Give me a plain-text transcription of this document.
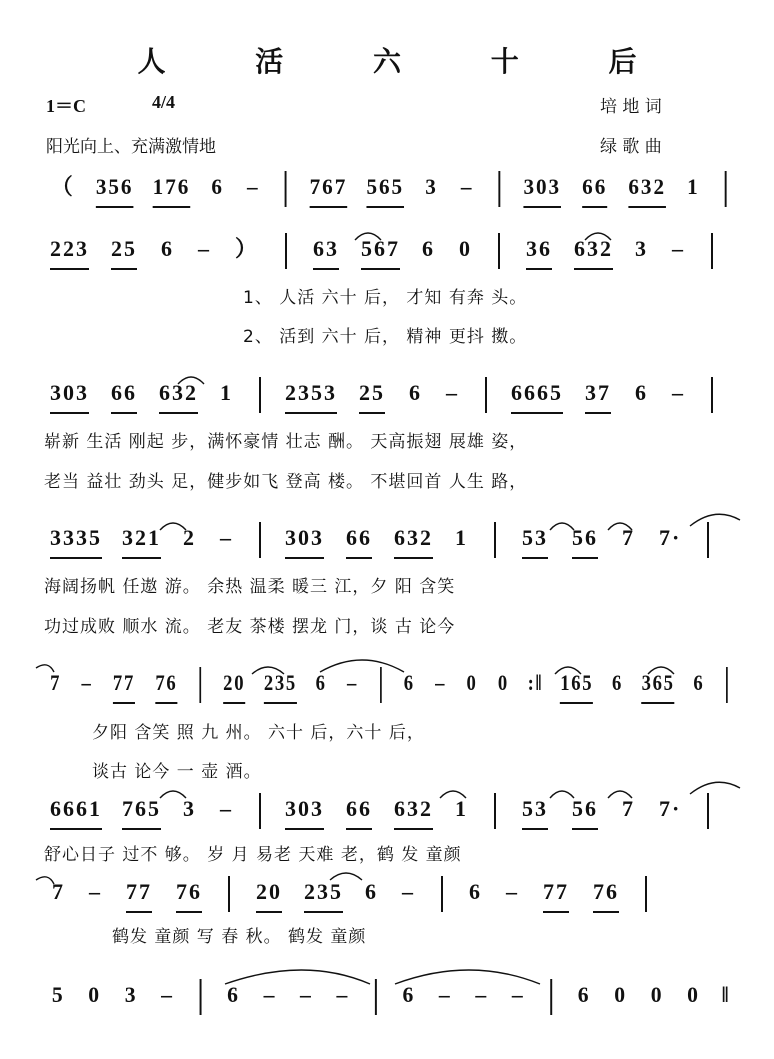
人 活 六 十 后
1＝C	4/4	培 地 词
阳光向上、充满激情地	绿 歌 曲
（ 356 176 6 – 767 565 3 – 303 66 632 1
223 25 6 – ） 63 567 6 0 36 632 3 –
1、 人活 六十 后， 才知 有奔 头。
2、 活到 六十 后， 精神 更抖 擞。
303 66 632 1 2353 25 6 – 6665 37 6 –
崭新 生活 刚起 步，满怀豪情 壮志 酬。 天高振翅 展雄 姿，
老当 益壮 劲头 足，健步如飞 登高 楼。 不堪回首 人生 路，
3335 321 2 – 303 66 632 1 53 56 7 7·
海阔扬帆 任遨 游。 余热 温柔 暖三 江，夕 阳 含笑
功过成败 顺水 流。 老友 茶楼 摆龙 门，谈 古 论今
7 – 77 76 20 235 6 – 6 – 0 0 :‖ 165 6 365 6
夕阳 含笑 照 九 州。 六十 后，六十 后，
谈古 论今 一 壶 酒。
6661 765 3 – 303 66 632 1 53 56 7 7·
舒心日子 过不 够。 岁 月 易老 天难 老，鹤 发 童颜
7 – 77 76 20 235 6 – 6 – 77 76
鹤发 童颜 写 春 秋。 鹤发 童颜
5 0 3 – 6 – – – 6 – – – 6 0 0 0 ‖
